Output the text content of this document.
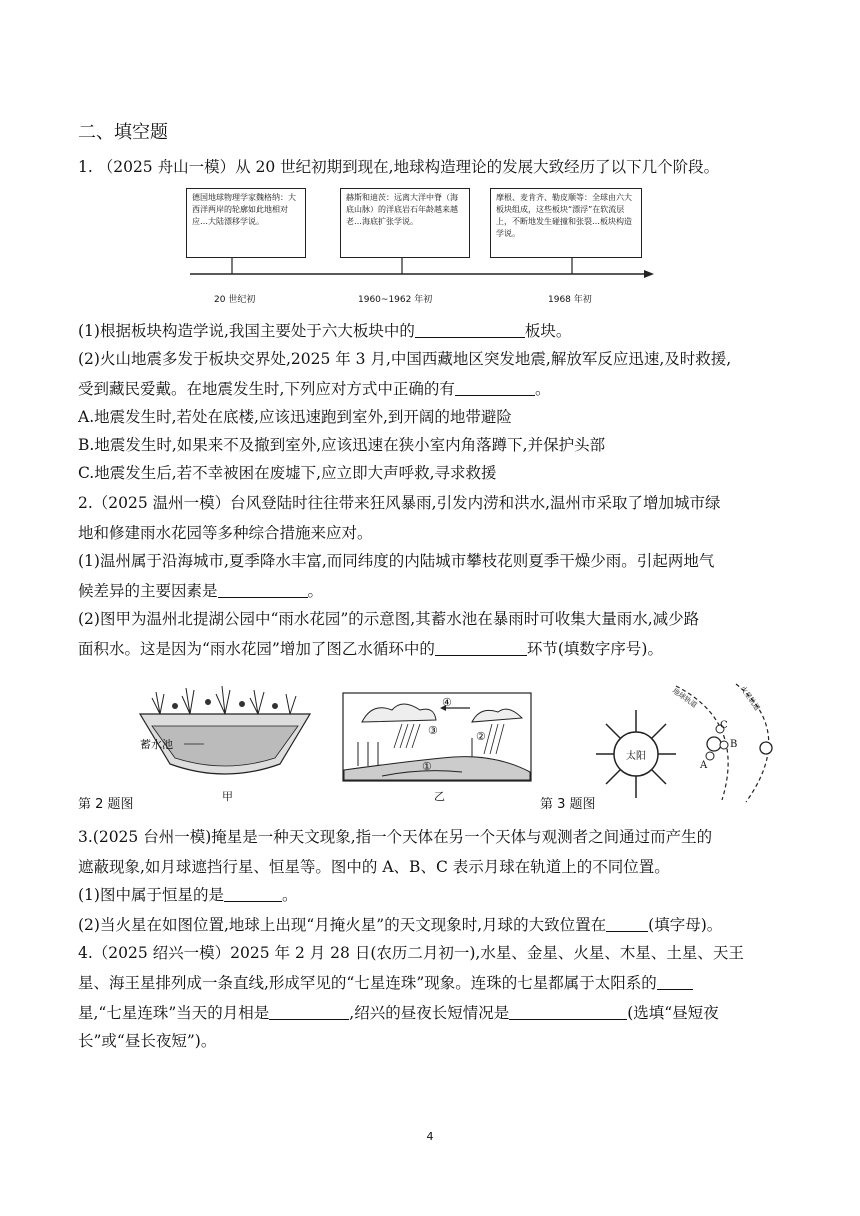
二、填空题
1. （2025 舟山一模）从 20 世纪初期到现在,地球构造理论的发展大致经历了以下几个阶段。
德国地球物理学家魏格纳：大西洋两岸的轮廓如此地相对应…大陆漂移学说。
赫斯和迪茨：远离大洋中脊（海底山脉）的洋底岩石年龄越来越老…海底扩张学说。
摩根、麦肯齐、勒皮顺等：全球由六大板块组成，这些板块“漂浮”在软流层上，不断地发生碰撞和张裂…板块构造学说。
20 世纪初	1960~1962 年初	1968 年初
(1)根据板块构造学说,我国主要处于六大板块中的	板块。
(2)火山地震多发于板块交界处,2025 年 3 月,中国西藏地区突发地震,解放军反应迅速,及时救援,
受到藏民爱戴。在地震发生时,下列应对方式中正确的有	。
A.地震发生时,若处在底楼,应该迅速跑到室外,到开阔的地带避险
B.地震发生时,如果来不及撤到室外,应该迅速在狭小室内角落蹲下,并保护头部
C.地震发生后,若不幸被困在废墟下,应立即大声呼救,寻求救援
2.（2025 温州一模）台风登陆时往往带来狂风暴雨,引发内涝和洪水,温州市采取了增加城市绿
地和修建雨水花园等多种综合措施来应对。
(1)温州属于沿海城市,夏季降水丰富,而同纬度的内陆城市攀枝花则夏季干燥少雨。引起两地气
候差异的主要因素是	。
(2)图甲为温州北提湖公园中“雨水花园”的示意图,其蓄水池在暴雨时可收集大量雨水,减少路
面积水。这是因为“雨水花园”增加了图乙水循环中的	环节(填数字序号)。
蓄水池
甲
④
③	②
①
乙
太阳
C
B
A
地球轨道	火星轨道
第 2 题图	第 3 题图
3.(2025 台州一模)掩星是一种天文现象,指一个天体在另一个天体与观测者之间通过而产生的
遮蔽现象,如月球遮挡行星、恒星等。图中的 A、B、C 表示月球在轨道上的不同位置。
(1)图中属于恒星的是	。
(2)当火星在如图位置,地球上出现“月掩火星”的天文现象时,月球的大致位置在	(填字母)。
4.（2025 绍兴一模）2025 年 2 月 28 日(农历二月初一),水星、金星、火星、木星、土星、天王
星、海王星排列成一条直线,形成罕见的“七星连珠”现象。连珠的七星都属于太阳系的
星,“七星连珠”当天的月相是	,绍兴的昼夜长短情况是	(选填“昼短夜
长”或“昼长夜短”)。
4
